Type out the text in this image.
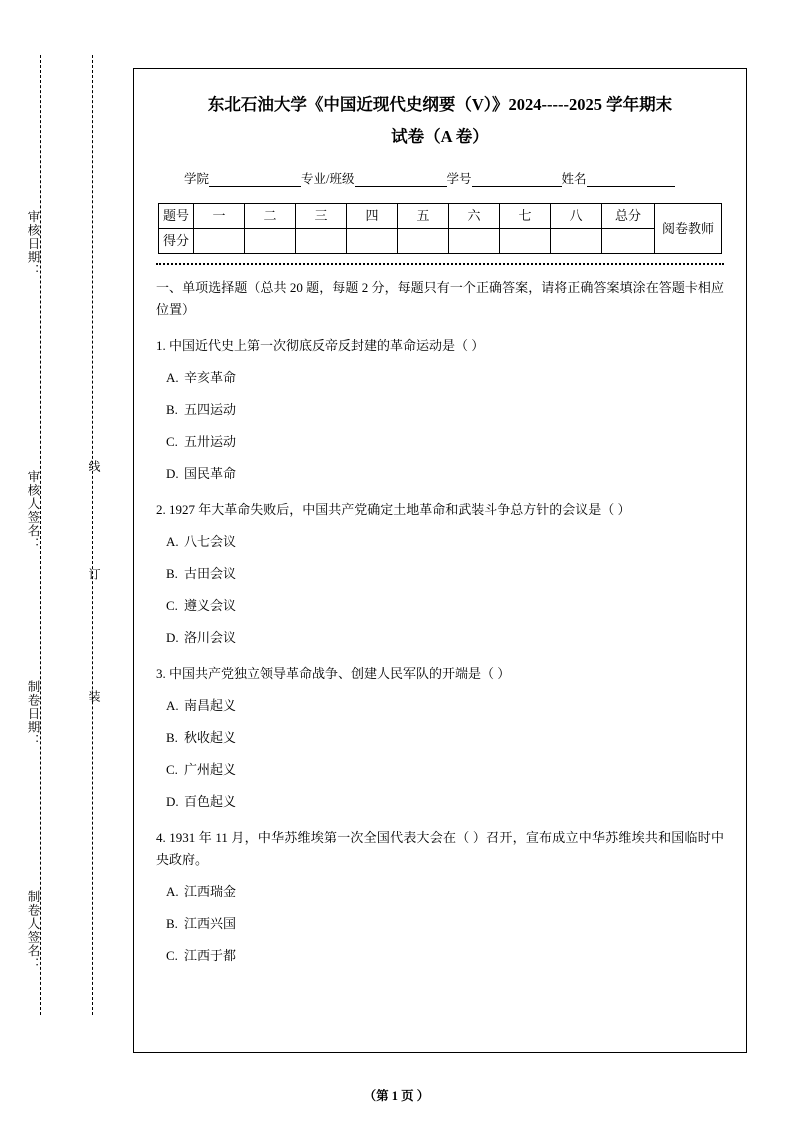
审核日期：
审核人签名：
制卷日期：
制卷人签名：
线
订
装
东北石油大学《中国近现代史纲要（V）》2024-----2025 学年期末
试卷（A 卷）
学院	专业/班级	学号	姓名
题号	一	二	三	四	五	六	七	八	总分	阅卷教师
得分										
一、单项选择题（总共 20 题，每题 2 分，每题只有一个正确答案，请将正确答案填涂在答题卡相应位置）
1. 中国近代史上第一次彻底反帝反封建的革命运动是（ ）
A. 辛亥革命
B. 五四运动
C. 五卅运动
D. 国民革命
2. 1927 年大革命失败后，中国共产党确定土地革命和武装斗争总方针的会议是（ ）
A. 八七会议
B. 古田会议
C. 遵义会议
D. 洛川会议
3. 中国共产党独立领导革命战争、创建人民军队的开端是（ ）
A. 南昌起义
B. 秋收起义
C. 广州起义
D. 百色起义
4. 1931 年 11 月，中华苏维埃第一次全国代表大会在（ ）召开，宣布成立中华苏维埃共和国临时中央政府。
A. 江西瑞金
B. 江西兴国
C. 江西于都
（第 1 页 ）
